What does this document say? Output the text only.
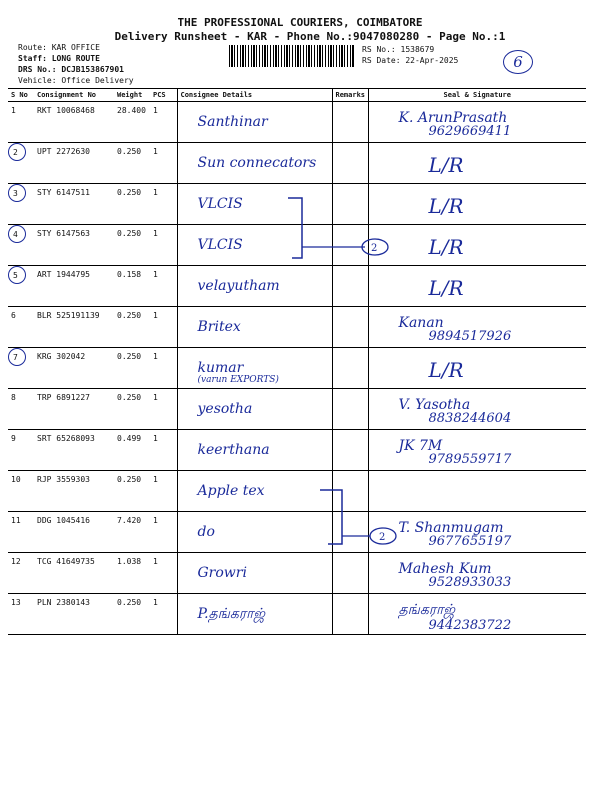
THE PROFESSIONAL COURIERS, COIMBATORE
Delivery Runsheet - KAR - Phone No.:9047080280 - Page No.:1
Route: KAR OFFICE
Staff: LONG ROUTE
DRS No.: DCJB153867901
Vehicle: Office Delivery
RS No.: 1538679
RS Date: 22-Apr-2025	6
S No	Consignment No	Weight	PCS	Consignee Details	Remarks	Seal & Signature
1	RKT 10068468	28.400	1	Santhinar		K. ArunPrasath
9629669411

2	UPT 2272630	0.250	1	Sun connecators		L/R

3	STY 6147511	0.250	1	VLCIS		L/R

4	STY 6147563	0.250	1	VLCIS		L/R

5	ART 1944795	0.158	1	velayutham		L/R

6	BLR 525191139	0.250	1	Britex		Kanan
9894517926

7	KRG 302042	0.250	1	kumar
(varun EXPORTS)		L/R

8	TRP 6891227	0.250	1	yesotha		V. Yasotha
8838244604

9	SRT 65268093	0.499	1	keerthana		JK 7M
9789559717

10	RJP 3559303	0.250	1	Apple tex		

11	DDG 1045416	7.420	1	do		T. Shanmugam
9677655197

12	TCG 41649735	1.038	1	Growri		Mahesh Kum
9528933033

13	PLN 2380143	0.250	1	P.தங்கராஜ்		தங்கராஜ்
9442383722
2
2
